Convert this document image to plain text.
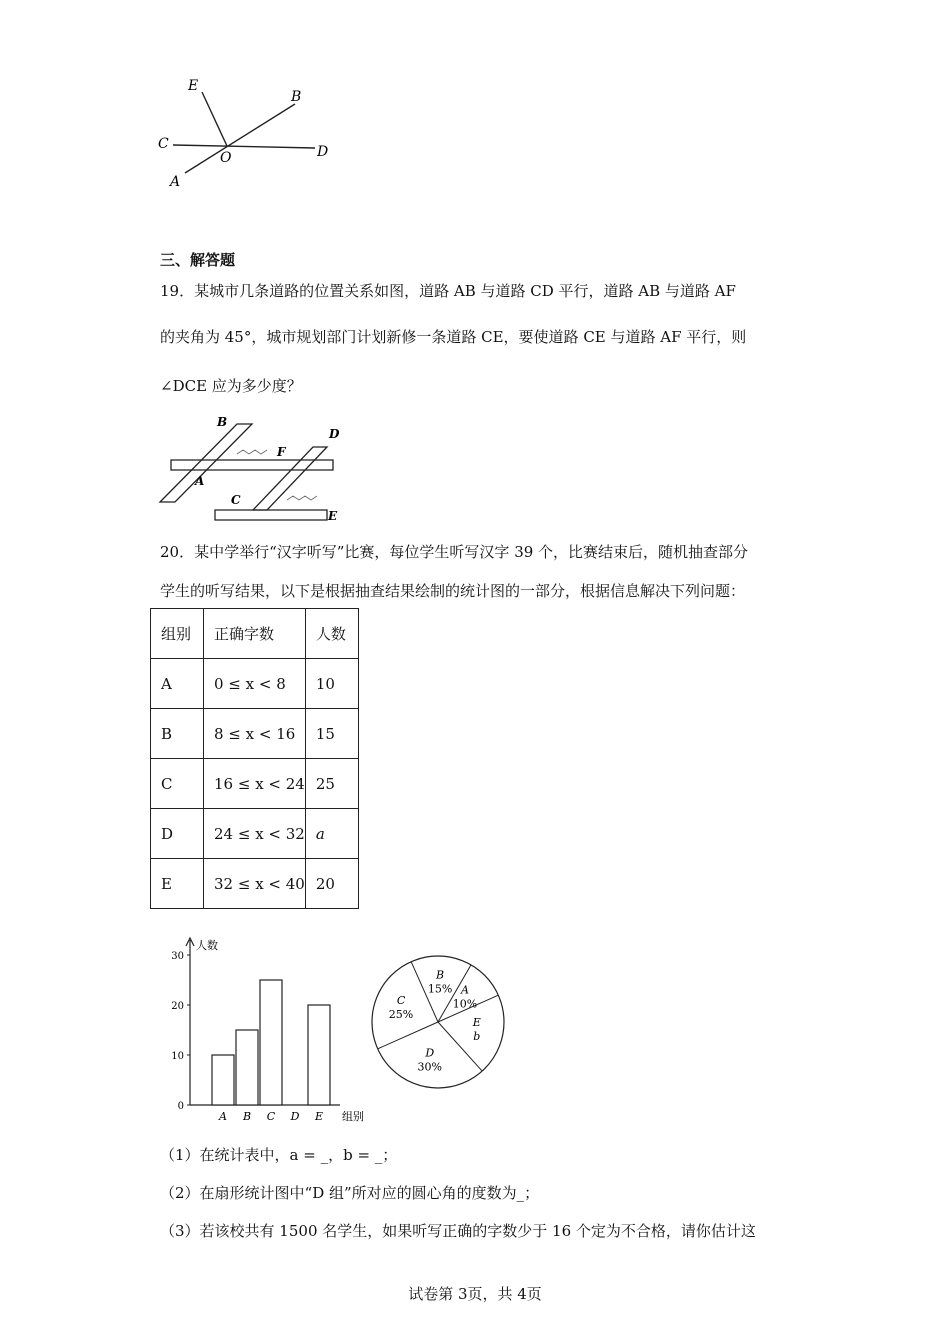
E
B
C
O	D
A
三、解答题
19．某城市几条道路的位置关系如图，道路 AB 与道路 CD 平行，道路 AB 与道路 AF
的夹角为 45°，城市规划部门计划新修一条道路 CE，要使道路 CE 与道路 AF 平行，则
∠DCE 应为多少度？
B
D
F
A
C
E
20．某中学举行“汉字听写”比赛，每位学生听写汉字 39 个，比赛结束后，随机抽查部分
学生的听写结果，以下是根据抽查结果绘制的统计图的一部分，根据信息解决下列问题：
组别	正确字数	人数
A	0 ≤ x < 8	10
B	8 ≤ x < 16	15
C	16 ≤ x < 24	25
D	24 ≤ x < 32	a
E	32 ≤ x < 40	20
人数
组别
0
10
20
30
A B C D E
A
10%
E
b
D
30%
C
25%
B
15%
（1）在统计表中，a = _，b = _；
（2）在扇形统计图中“D 组”所对应的圆心角的度数为_；
（3）若该校共有 1500 名学生，如果听写正确的字数少于 16 个定为不合格，请你估计这
试卷第 3页，共 4页
